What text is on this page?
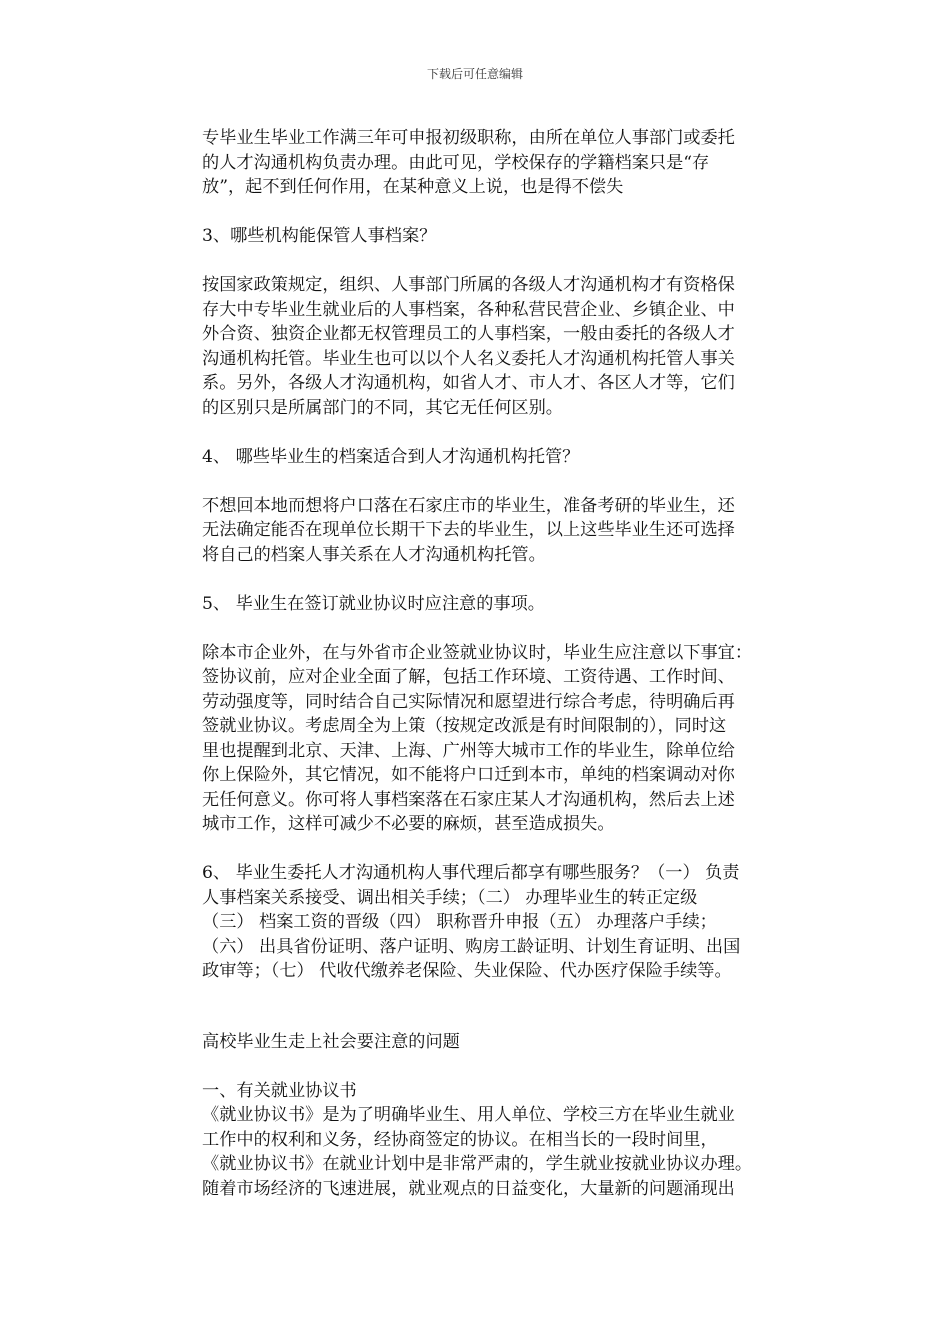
下载后可任意编辑
专毕业生毕业工作满三年可申报初级职称，由所在单位人事部门或委托
的人才沟通机构负责办理。由此可见，学校保存的学籍档案只是“存
放”，起不到任何作用，在某种意义上说，也是得不偿失
3、哪些机构能保管人事档案？
按国家政策规定，组织、人事部门所属的各级人才沟通机构才有资格保
存大中专毕业生就业后的人事档案，各种私营民营企业、乡镇企业、中
外合资、独资企业都无权管理员工的人事档案，一般由委托的各级人才
沟通机构托管。毕业生也可以以个人名义委托人才沟通机构托管人事关
系。另外，各级人才沟通机构，如省人才、市人才、各区人才等，它们
的区别只是所属部门的不同，其它无任何区别。
4、 哪些毕业生的档案适合到人才沟通机构托管？
不想回本地而想将户口落在石家庄市的毕业生，准备考研的毕业生，还
无法确定能否在现单位长期干下去的毕业生，以上这些毕业生还可选择
将自己的档案人事关系在人才沟通机构托管。
5、 毕业生在签订就业协议时应注意的事项。
除本市企业外，在与外省市企业签就业协议时，毕业生应注意以下事宜：
签协议前，应对企业全面了解，包括工作环境、工资待遇、工作时间、
劳动强度等，同时结合自己实际情况和愿望进行综合考虑，待明确后再
签就业协议。考虑周全为上策（按规定改派是有时间限制的），同时这
里也提醒到北京、天津、上海、广州等大城市工作的毕业生，除单位给
你上保险外，其它情况，如不能将户口迁到本市，单纯的档案调动对你
无任何意义。你可将人事档案落在石家庄某人才沟通机构，然后去上述
城市工作，这样可减少不必要的麻烦，甚至造成损失。
6、 毕业生委托人才沟通机构人事代理后都享有哪些服务？（一） 负责
人事档案关系接受、调出相关手续；（二） 办理毕业生的转正定级
（三） 档案工资的晋级（四） 职称晋升申报（五） 办理落户手续；
（六） 出具省份证明、落户证明、购房工龄证明、计划生育证明、出国
政审等；（七） 代收代缴养老保险、失业保险、代办医疗保险手续等。
高校毕业生走上社会要注意的问题
一、有关就业协议书
《就业协议书》是为了明确毕业生、用人单位、学校三方在毕业生就业
工作中的权利和义务，经协商签定的协议。在相当长的一段时间里，
《就业协议书》在就业计划中是非常严肃的，学生就业按就业协议办理。
随着市场经济的飞速进展，就业观点的日益变化，大量新的问题涌现出
